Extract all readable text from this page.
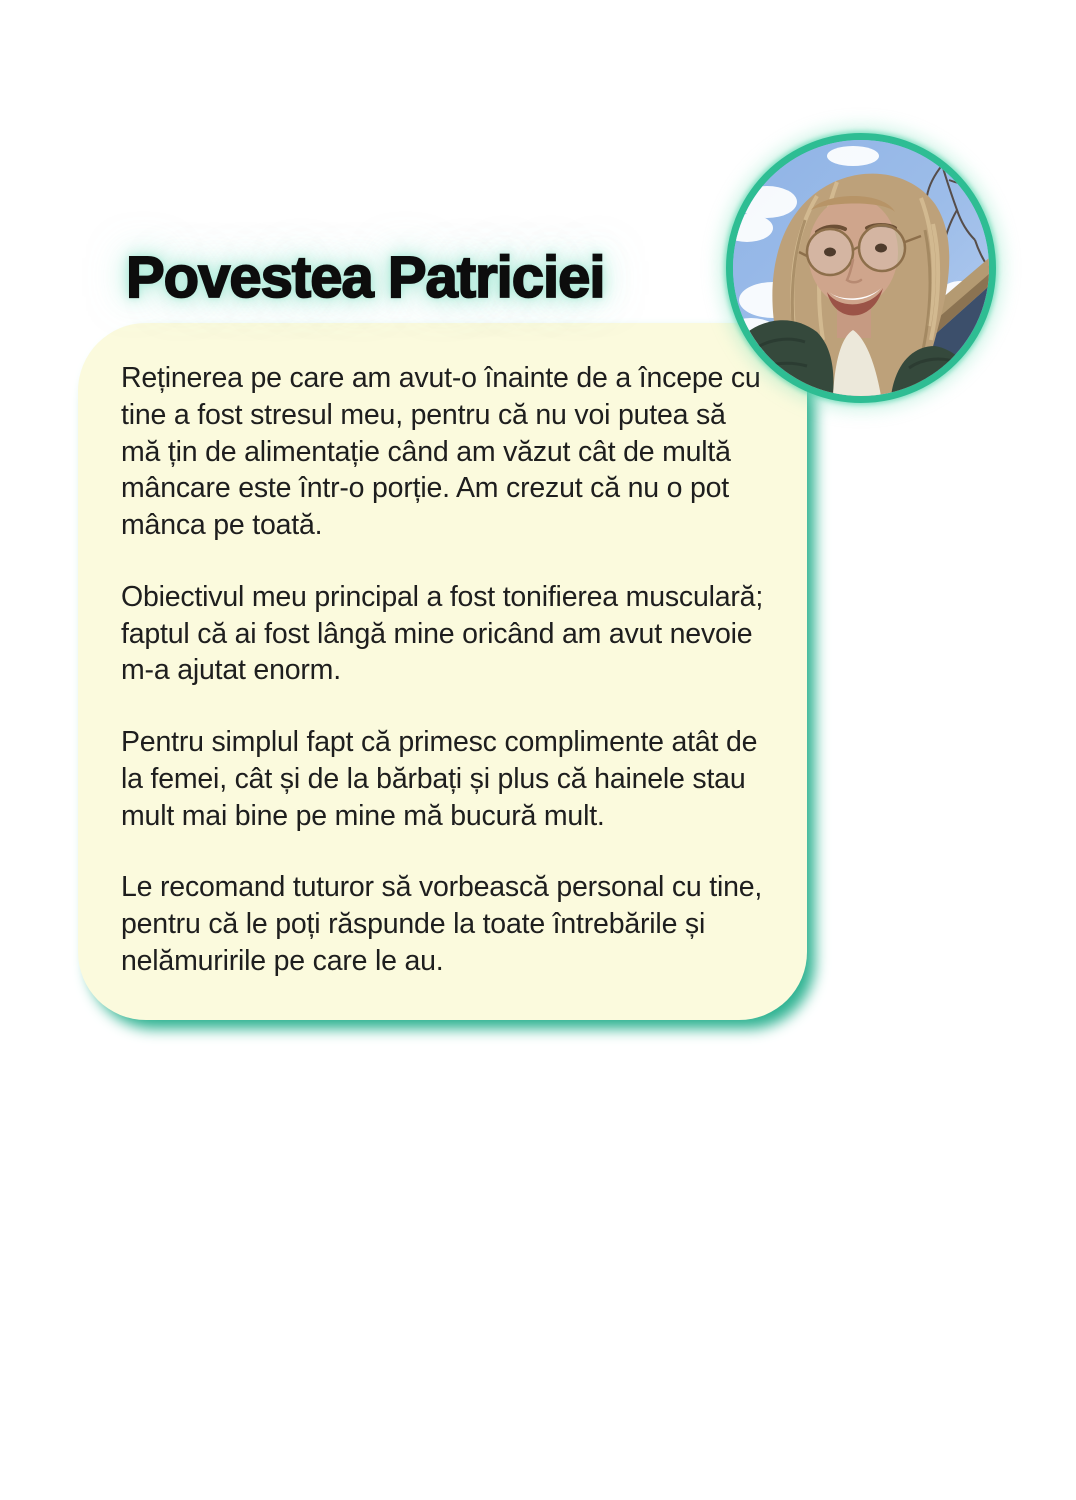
Povestea Patriciei

Reținerea pe care am avut-o înainte de a începe cu tine a fost stresul meu, pentru că nu voi putea să mă țin de alimentație când am văzut cât de multă mâncare este într-o porție. Am crezut că nu o pot mânca pe toată.

Obiectivul meu principal a fost tonifierea musculară; faptul că ai fost lângă mine oricând am avut nevoie m-a ajutat enorm.

Pentru simplul fapt că primesc complimente atât de la femei, cât și de la bărbați și plus că hainele stau mult mai bine pe mine mă bucură mult.

Le recomand tuturor să vorbească personal cu tine, pentru că le poți răspunde la toate întrebările și nelămuririle pe care le au.
